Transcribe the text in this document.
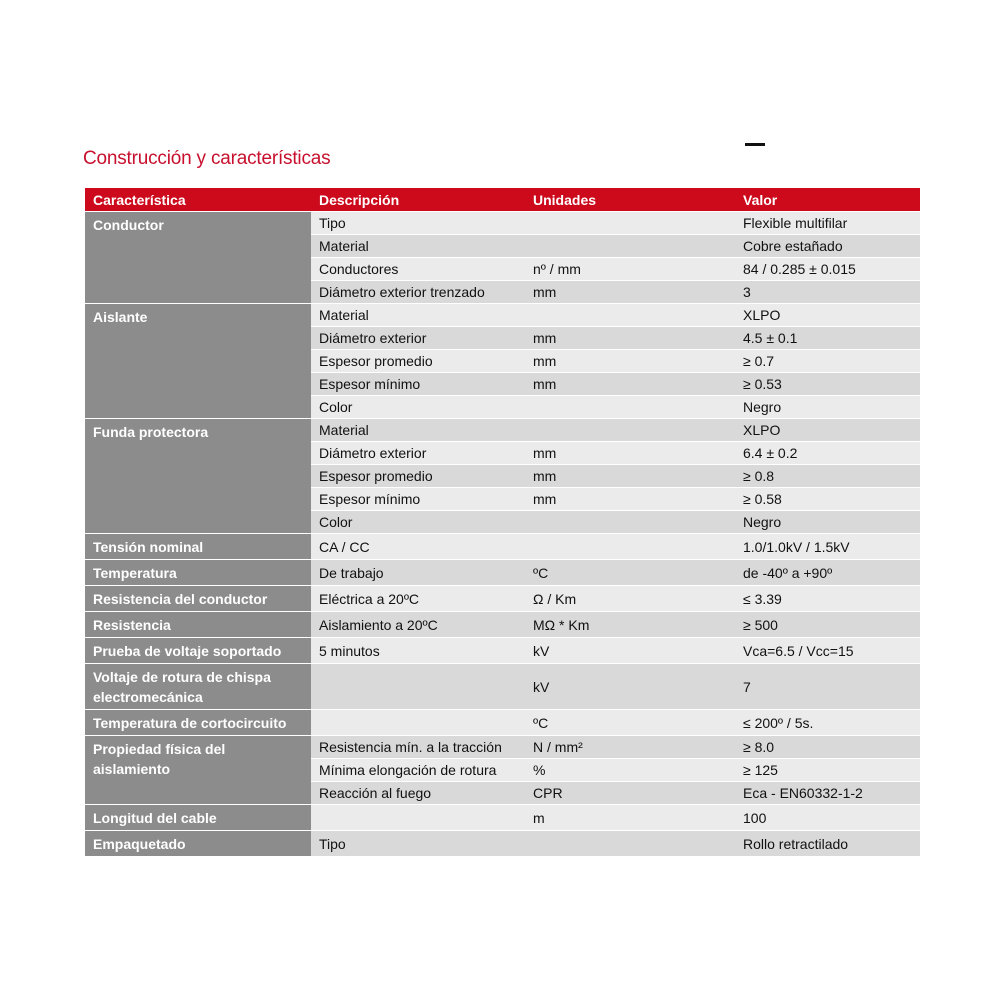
Construcción y características
Característica	Descripción	Unidades	Valor
Conductor	Tipo		Flexible multifilar
	Material		Cobre estañado
	Conductores	nº / mm	84 / 0.285 ± 0.015
	Diámetro exterior trenzado	mm	3
Aislante	Material		XLPO
	Diámetro exterior	mm	4.5 ± 0.1
	Espesor promedio	mm	≥ 0.7
	Espesor mínimo	mm	≥ 0.53
	Color		Negro
Funda protectora	Material		XLPO
	Diámetro exterior	mm	6.4 ± 0.2
	Espesor promedio	mm	≥ 0.8
	Espesor mínimo	mm	≥ 0.58
	Color		Negro
Tensión nominal	CA / CC		1.0/1.0kV / 1.5kV
Temperatura	De trabajo	ºC	de -40º a +90º
Resistencia del conductor	Eléctrica a 20ºC	Ω / Km	≤ 3.39
Resistencia	Aislamiento a 20ºC	MΩ * Km	≥ 500
Prueba de voltaje soportado	5 minutos	kV	Vca=6.5 / Vcc=15
Voltaje de rotura de chispa electromecánica		kV	7
Temperatura de cortocircuito		ºC	≤ 200º / 5s.
Propiedad física del aislamiento	Resistencia mín. a la tracción	N / mm²	≥ 8.0
	Mínima elongación de rotura	%	≥ 125
	Reacción al fuego	CPR	Eca - EN60332-1-2
Longitud del cable		m	100
Empaquetado	Tipo		Rollo retractilado
